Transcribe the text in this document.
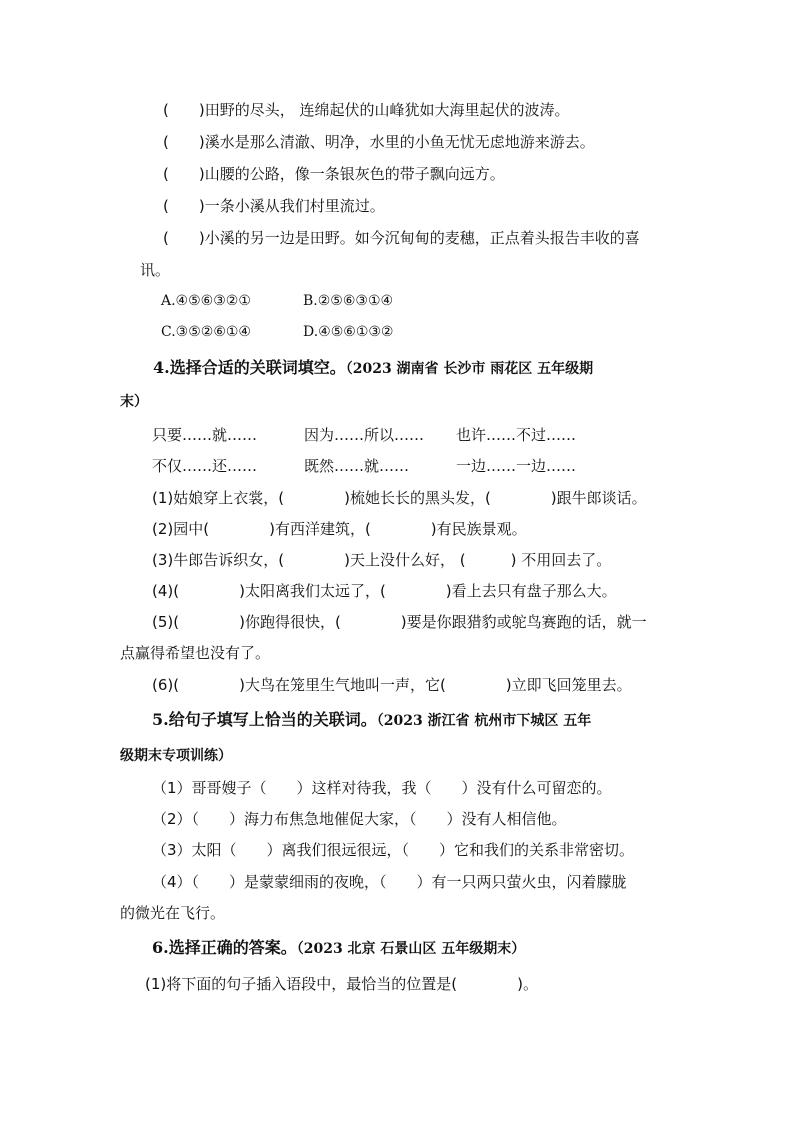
(　　)田野的尽头， 连绵起伏的山峰犹如大海里起伏的波涛。
(　　)溪水是那么清澈、明净，水里的小鱼无忧无虑地游来游去。
(　　)山腰的公路，像一条银灰色的带子飘向远方。
(　　)一条小溪从我们村里流过。
(　　)小溪的另一边是田野。如今沉甸甸的麦穗，正点着头报告丰收的喜
讯。
A.④⑤⑥③②①	B.②⑤⑥③①④
C.③⑤②⑥①④	D.④⑤⑥①③②
4.选择合适的关联词填空。（2023 湖南省 长沙市 雨花区 五年级期
末）
只要……就……	因为……所以…… 也许……不过……
不仅……还……	既然……就……	一边……一边……
(1)姑娘穿上衣裳，(　　　　)梳她长长的黑头发，(　　　　)跟牛郎谈话。
(2)园中(　　　　)有西洋建筑，(　　　　)有民族景观。
(3)牛郎告诉织女，(　　　　)天上没什么好， (　　　) 不用回去了。
(4)(　　　　)太阳离我们太远了，(　　　　)看上去只有盘子那么大。
(5)(　　　　)你跑得很快，(　　　　)要是你跟猎豹或鸵鸟赛跑的话，就一
点赢得希望也没有了。
(6)(　　　　)大鸟在笼里生气地叫一声，它(　　　　)立即飞回笼里去。
5.给句子填写上恰当的关联词。（2023 浙江省 杭州市下城区 五年
级期末专项训练）
（1）哥哥嫂子（　　）这样对待我，我（　　）没有什么可留恋的。
（2）（　　）海力布焦急地催促大家，（　　）没有人相信他。
（3）太阳（　　）离我们很远很远，（　　）它和我们的关系非常密切。
（4）（　　）是蒙蒙细雨的夜晚，（　　）有一只两只萤火虫，闪着朦胧
的微光在飞行。
6.选择正确的答案。（2023 北京 石景山区 五年级期末）
(1)将下面的句子插入语段中，最恰当的位置是(　　　　)。
